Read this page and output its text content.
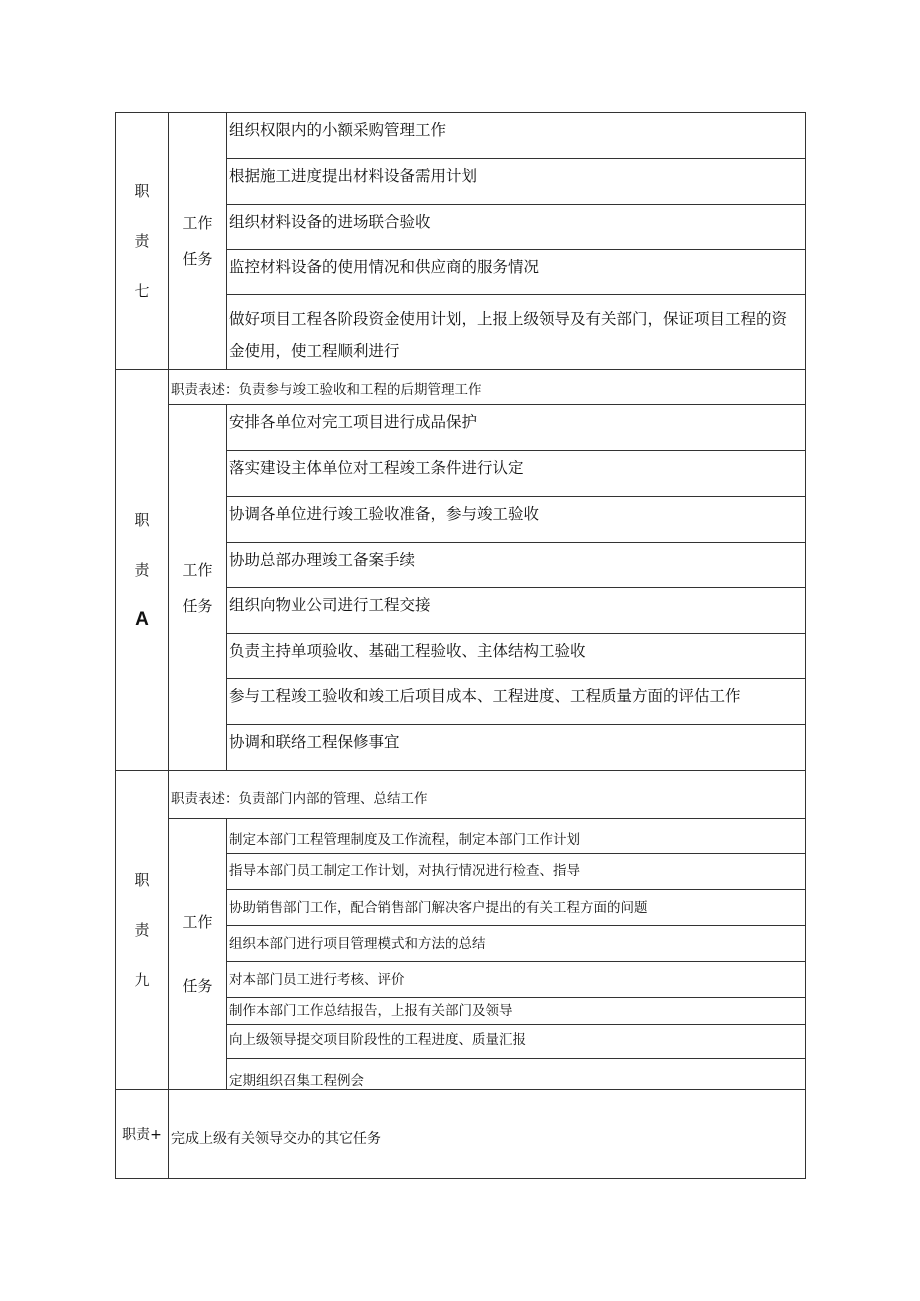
职
责
七
工作
任务
组织权限内的小额采购管理工作
根据施工进度提出材料设备需用计划
组织材料设备的进场联合验收
监控材料设备的使用情况和供应商的服务情况
做好项目工程各阶段资金使用计划，上报上级领导及有关部门，保证项目工程的资金使用，使工程顺利进行
职
责
A
职责表述：负责参与竣工验收和工程的后期管理工作
工作
任务
安排各单位对完工项目进行成品保护
落实建设主体单位对工程竣工条件进行认定
协调各单位进行竣工验收准备，参与竣工验收
协助总部办理竣工备案手续
组织向物业公司进行工程交接
负责主持单项验收、基础工程验收、主体结构工验收
参与工程竣工验收和竣工后项目成本、工程进度、工程质量方面的评估工作
协调和联络工程保修事宜
职
责
九
职责表述：负责部门内部的管理、总结工作
工作
任务
制定本部门工程管理制度及工作流程，制定本部门工作计划
指导本部门员工制定工作计划，对执行情况进行检查、指导
协助销售部门工作，配合销售部门解决客户提出的有关工程方面的问题
组织本部门进行项目管理模式和方法的总结
对本部门员工进行考核、评价
制作本部门工作总结报告，上报有关部门及领导
向上级领导提交项目阶段性的工程进度、质量汇报
定期组织召集工程例会
职责+ 完成上级有关领导交办的其它任务
